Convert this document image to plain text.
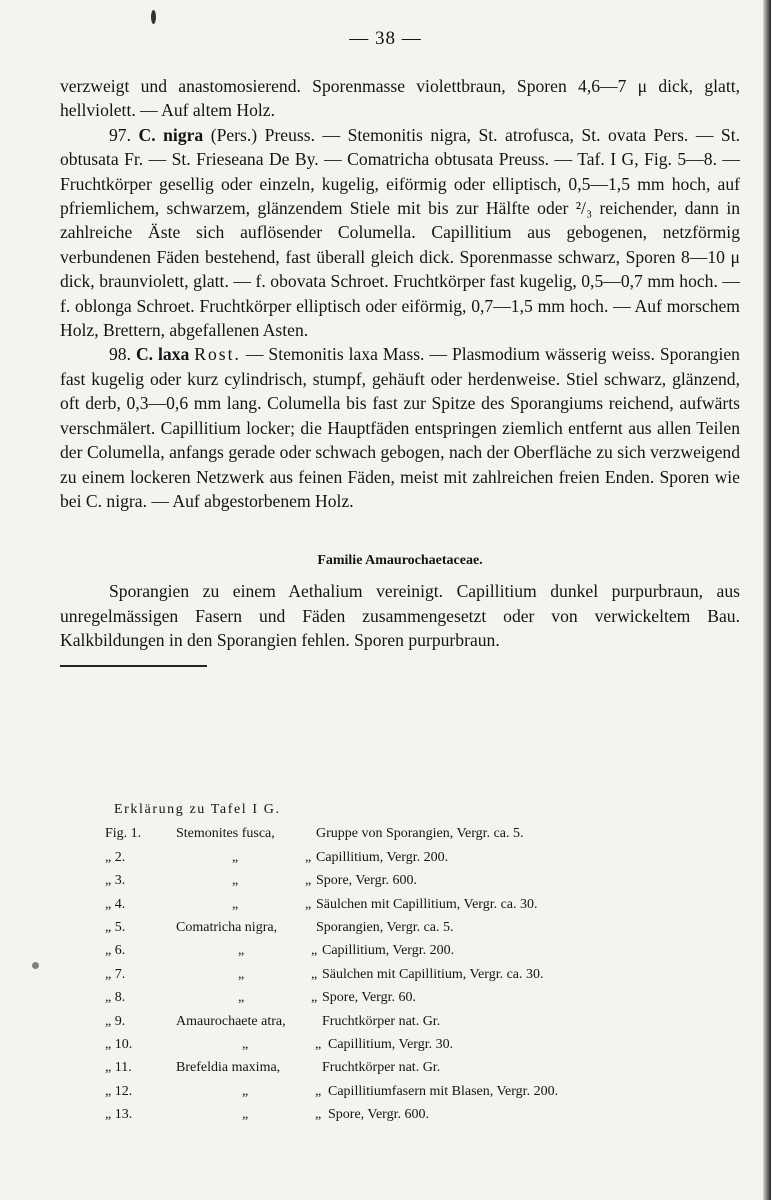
— 38 —

verzweigt und anastomosierend. Sporenmasse violettbraun, Sporen 4,6—7 μ dick, glatt, hellviolett. — Auf altem Holz.

97. C. nigra (Pers.) Preuss. — Stemonitis nigra, St. atrofusca, St. ovata Pers. — St. obtusata Fr. — St. Frieseana De By. — Comatricha obtusata Preuss. — Taf. I G, Fig. 5—8. — Fruchtkörper gesellig oder einzeln, kugelig, eiförmig oder elliptisch, 0,5—1,5 mm hoch, auf pfriemlichem, schwarzem, glänzendem Stiele mit bis zur Hälfte oder ²/₃ reichender, dann in zahlreiche Äste sich auflösender Columella. Capillitium aus gebogenen, netzförmig verbundenen Fäden bestehend, fast überall gleich dick. Sporenmasse schwarz, Sporen 8—10 μ dick, braunviolett, glatt. — f. obovata Schroet. Fruchtkörper fast kugelig, 0,5—0,7 mm hoch. — f. oblonga Schroet. Fruchtkörper elliptisch oder eiförmig, 0,7—1,5 mm hoch. — Auf morschem Holz, Brettern, abgefallenen Asten.

98. C. laxa Rost. — Stemonitis laxa Mass. — Plasmodium wässerig weiss. Sporangien fast kugelig oder kurz cylindrisch, stumpf, gehäuft oder herdenweise. Stiel schwarz, glänzend, oft derb, 0,3—0,6 mm lang. Columella bis fast zur Spitze des Sporangiums reichend, aufwärts verschmälert. Capillitium locker; die Hauptfäden entspringen ziemlich entfernt aus allen Teilen der Columella, anfangs gerade oder schwach gebogen, nach der Oberfläche zu sich verzweigend zu einem lockeren Netzwerk aus feinen Fäden, meist mit zahlreichen freien Enden. Sporen wie bei C. nigra. — Auf abgestorbenem Holz.

Familie Amaurochaetaceae.

Sporangien zu einem Aethalium vereinigt. Capillitium dunkel purpurbraun, aus unregelmässigen Fasern und Fäden zusammengesetzt oder von verwickeltem Bau. Kalkbildungen in den Sporangien fehlen. Sporen purpurbraun.

Erklärung zu Tafel I G.
Fig. 1.	Stemonites fusca,	Gruppe von Sporangien, Vergr. ca. 5.
„ 2.	„	„ Capillitium, Vergr. 200.
„ 3.	„	„ Spore, Vergr. 600.
„ 4.	„	„ Säulchen mit Capillitium, Vergr. ca. 30.
„ 5.	Comatricha nigra,	Sporangien, Vergr. ca. 5.
„ 6.	„	„ Capillitium, Vergr. 200.
„ 7.	„	„ Säulchen mit Capillitium, Vergr. ca. 30.
„ 8.	„	„ Spore, Vergr. 60.
„ 9.	Amaurochaete atra,	Fruchtkörper nat. Gr.
„ 10.	„	„ Capillitium, Vergr. 30.
„ 11.	Brefeldia maxima,	Fruchtkörper nat. Gr.
„ 12.	„	„ Capillitiumfasern mit Blasen, Vergr. 200.
„ 13.	„	„ Spore, Vergr. 600.
